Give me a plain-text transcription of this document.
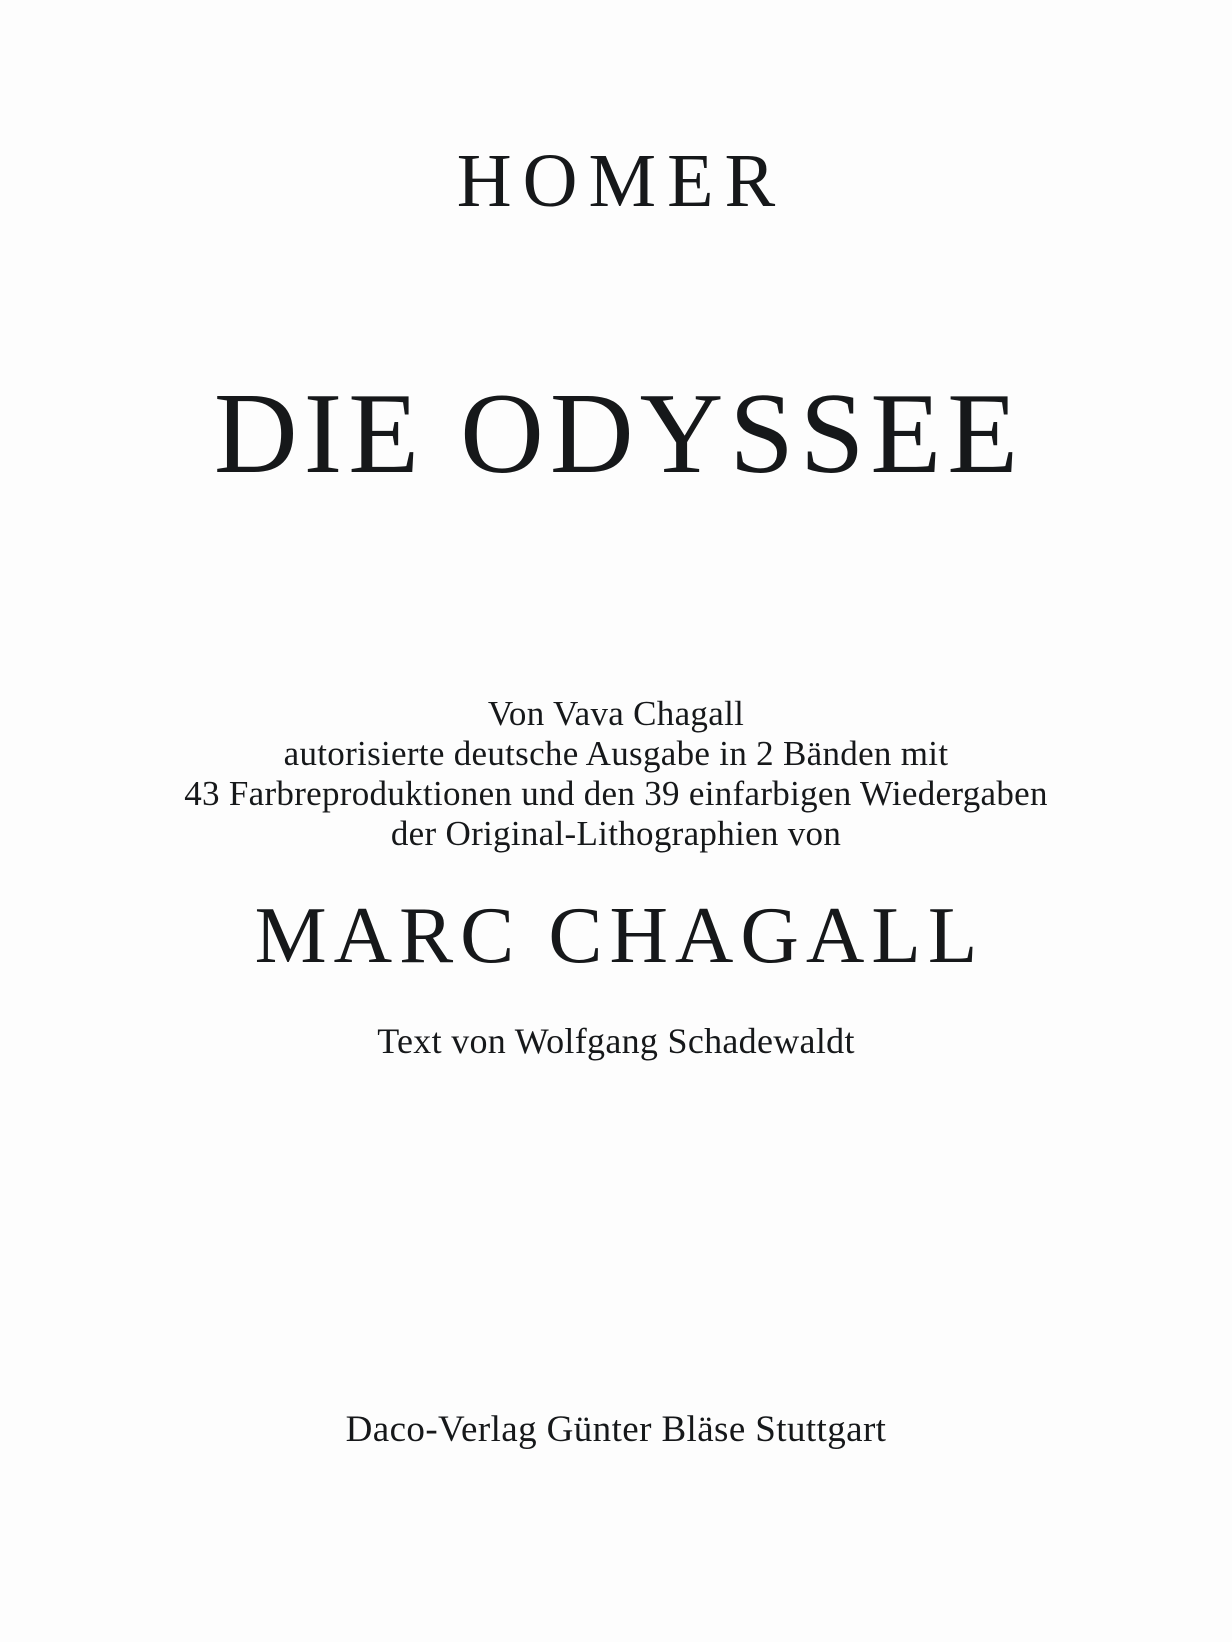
HOMER
DIE ODYSSEE
Von Vava Chagall
autorisierte deutsche Ausgabe in 2 Bänden mit
43 Farbreproduktionen und den 39 einfarbigen Wiedergaben
der Original-Lithographien von
MARC CHAGALL
Text von Wolfgang Schadewaldt
Daco-Verlag Günter Bläse Stuttgart
